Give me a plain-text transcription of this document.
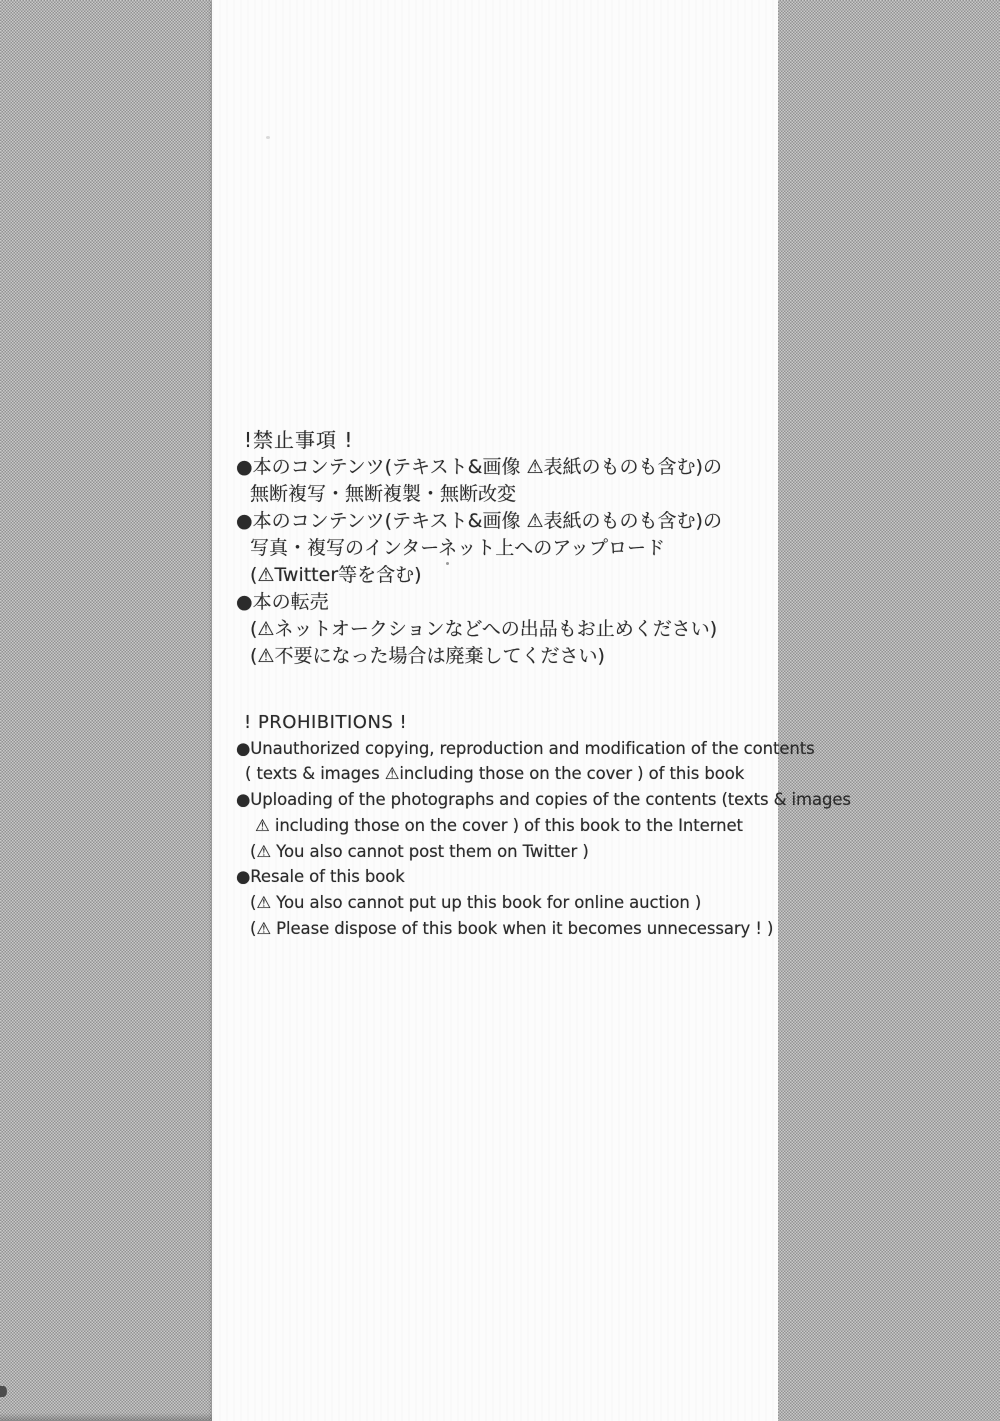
!禁止事項 !
●本のコンテンツ(テキスト&画像 ⚠表紙のものも含む)の
無断複写・無断複製・無断改変
●本のコンテンツ(テキスト&画像 ⚠表紙のものも含む)の
写真・複写のインターネット上へのアップロード
(⚠Twitter等を含む)
●本の転売
(⚠ネットオークションなどへの出品もお止めください)
(⚠不要になった場合は廃棄してください)
! PROHIBITIONS !
●Unauthorized copying, reproduction and modification of the contents
( texts & images ⚠including those on the cover ) of this book
●Uploading of the photographs and copies of the contents (texts & images
⚠ including those on the cover ) of this book to the Internet
(⚠ You also cannot post them on Twitter )
●Resale of this book
(⚠ You also cannot put up this book for online auction )
(⚠ Please dispose of this book when it becomes unnecessary ! )
